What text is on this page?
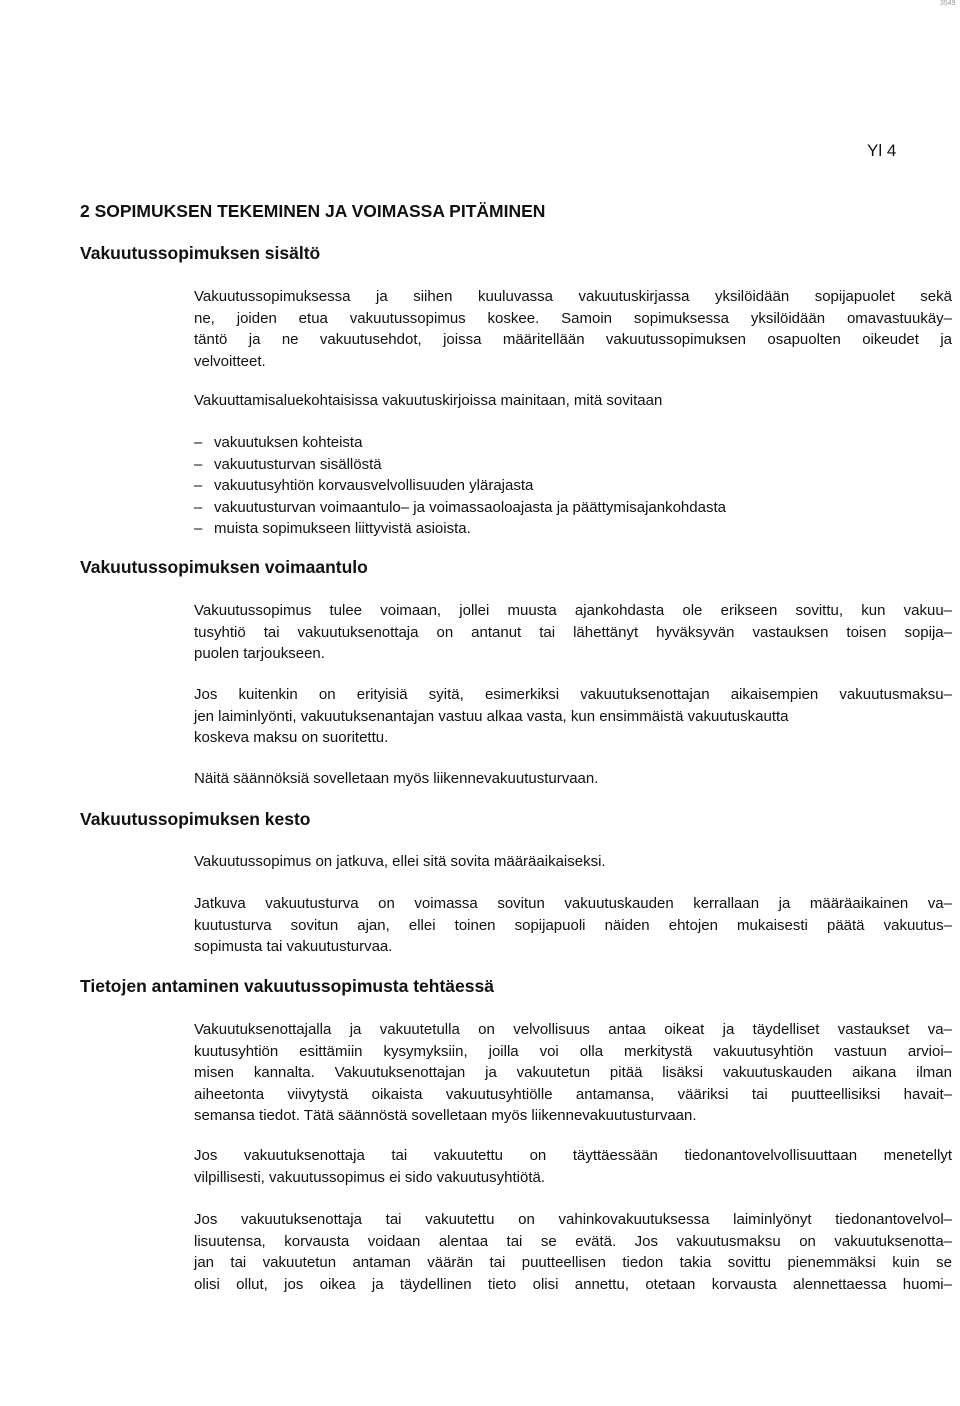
3549
Yl 4
2 SOPIMUKSEN TEKEMINEN JA VOIMASSA PITÄMINEN
Vakuutussopimuksen sisältö

Vakuutussopimuksessa ja siihen kuuluvassa vakuutuskirjassa yksilöidään sopijapuolet sekä
ne, joiden etua vakuutussopimus koskee. Samoin sopimuksessa yksilöidään omavastuukäy–
täntö ja ne vakuutusehdot, joissa määritellään vakuutussopimuksen osapuolten oikeudet ja
velvoitteet.

Vakuuttamisaluekohtaisissa vakuutuskirjoissa mainitaan, mitä sovitaan

– vakuutuksen kohteista
– vakuutusturvan sisällöstä
– vakuutusyhtiön korvausvelvollisuuden ylärajasta
– vakuutusturvan voimaantulo– ja voimassaoloajasta ja päättymisajankohdasta
– muista sopimukseen liittyvistä asioista.
Vakuutussopimuksen voimaantulo

Vakuutussopimus tulee voimaan, jollei muusta ajankohdasta ole erikseen sovittu, kun vakuu–
tusyhtiö tai vakuutuksenottaja on antanut tai lähettänyt hyväksyvän vastauksen toisen sopija–
puolen tarjoukseen.

Jos kuitenkin on erityisiä syitä, esimerkiksi vakuutuksenottajan aikaisempien vakuutusmaksu–
jen laiminlyönti, vakuutuksenantajan vastuu alkaa vasta, kun ensimmäistä vakuutuskautta
koskeva maksu on suoritettu.

Näitä säännöksiä sovelletaan myös liikennevakuutusturvaan.

Vakuutussopimuksen kesto

Vakuutussopimus on jatkuva, ellei sitä sovita määräaikaiseksi.

Jatkuva vakuutusturva on voimassa sovitun vakuutuskauden kerrallaan ja määräaikainen va–
kuutusturva sovitun ajan, ellei toinen sopijapuoli näiden ehtojen mukaisesti päätä vakuutus–
sopimusta tai vakuutusturvaa.

Tietojen antaminen vakuutussopimusta tehtäessä

Vakuutuksenottajalla ja vakuutetulla on velvollisuus antaa oikeat ja täydelliset vastaukset va–
kuutusyhtiön esittämiin kysymyksiin, joilla voi olla merkitystä vakuutusyhtiön vastuun arvioi–
misen kannalta. Vakuutuksenottajan ja vakuutetun pitää lisäksi vakuutuskauden aikana ilman
aiheetonta viivytystä oikaista vakuutusyhtiölle antamansa, vääriksi tai puutteellisiksi havait–
semansa tiedot. Tätä säännöstä sovelletaan myös liikennevakuutusturvaan.

Jos vakuutuksenottaja tai vakuutettu on täyttäessään tiedonantovelvollisuuttaan menetellyt
vilpillisesti, vakuutussopimus ei sido vakuutusyhtiötä.

Jos vakuutuksenottaja tai vakuutettu on vahinkovakuutuksessa laiminlyönyt tiedonantovelvol–
lisuutensa, korvausta voidaan alentaa tai se evätä. Jos vakuutusmaksu on vakuutuksenotta–
jan tai vakuutetun antaman väärän tai puutteellisen tiedon takia sovittu pienemmäksi kuin se
olisi ollut, jos oikea ja täydellinen tieto olisi annettu, otetaan korvausta alennettaessa huomi–
